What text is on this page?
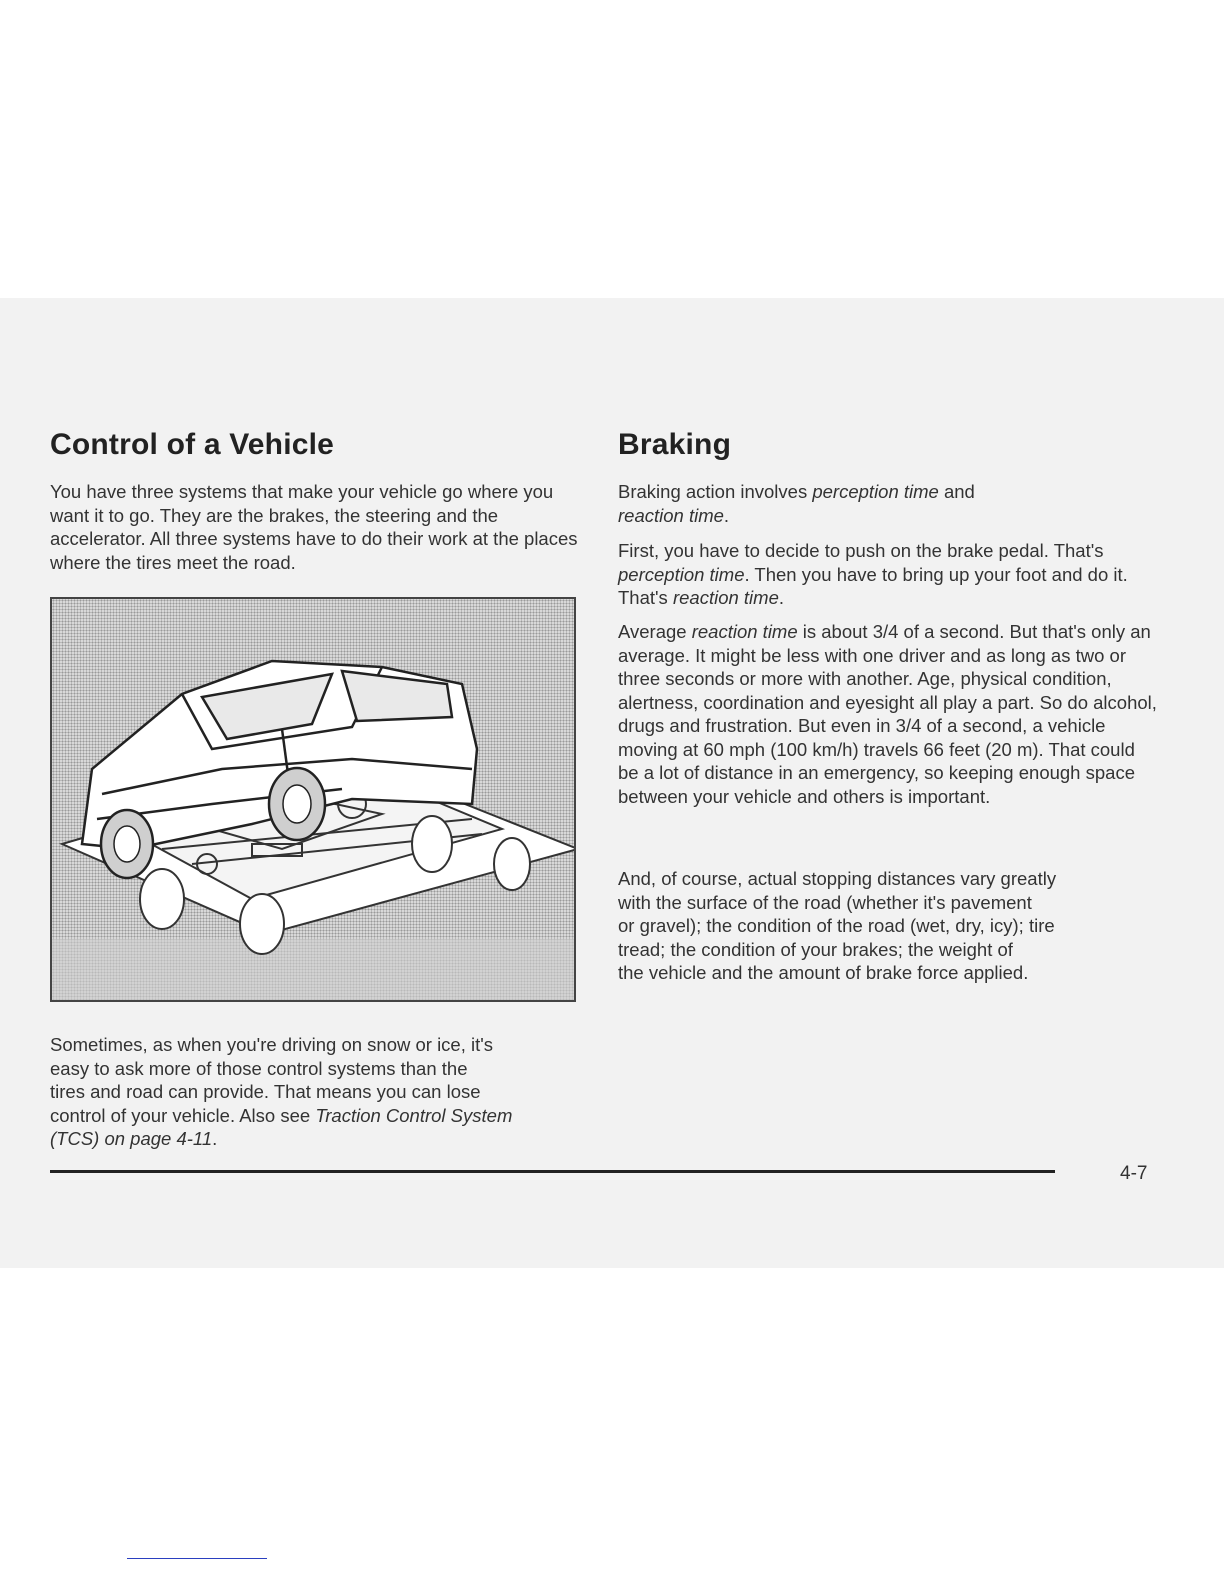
Control of a Vehicle

You have three systems that make your vehicle go where you want it to go. They are the brakes, the steering and the accelerator. All three systems have to do their work at the places where the tires meet the road.

Sometimes, as when you're driving on snow or ice, it's
easy to ask more of those control systems than the
tires and road can provide. That means you can lose
control of your vehicle. Also see Traction Control System
(TCS) on page 4-11.

Braking

Braking action involves perception time and
reaction time.

First, you have to decide to push on the brake pedal. That's perception time. Then you have to bring up your foot and do it. That's reaction time.

Average reaction time is about 3/4 of a second. But that's only an average. It might be less with one driver and as long as two or three seconds or more with another. Age, physical condition, alertness, coordination and eyesight all play a part. So do alcohol, drugs and frustration. But even in 3/4 of a second, a vehicle moving at 60 mph (100 km/h) travels 66 feet (20 m). That could be a lot of distance in an emergency, so keeping enough space between your vehicle and others is important.

And, of course, actual stopping distances vary greatly
with the surface of the road (whether it's pavement
or gravel); the condition of the road (wet, dry, icy); tire
tread; the condition of your brakes; the weight of
the vehicle and the amount of brake force applied.

4-7
